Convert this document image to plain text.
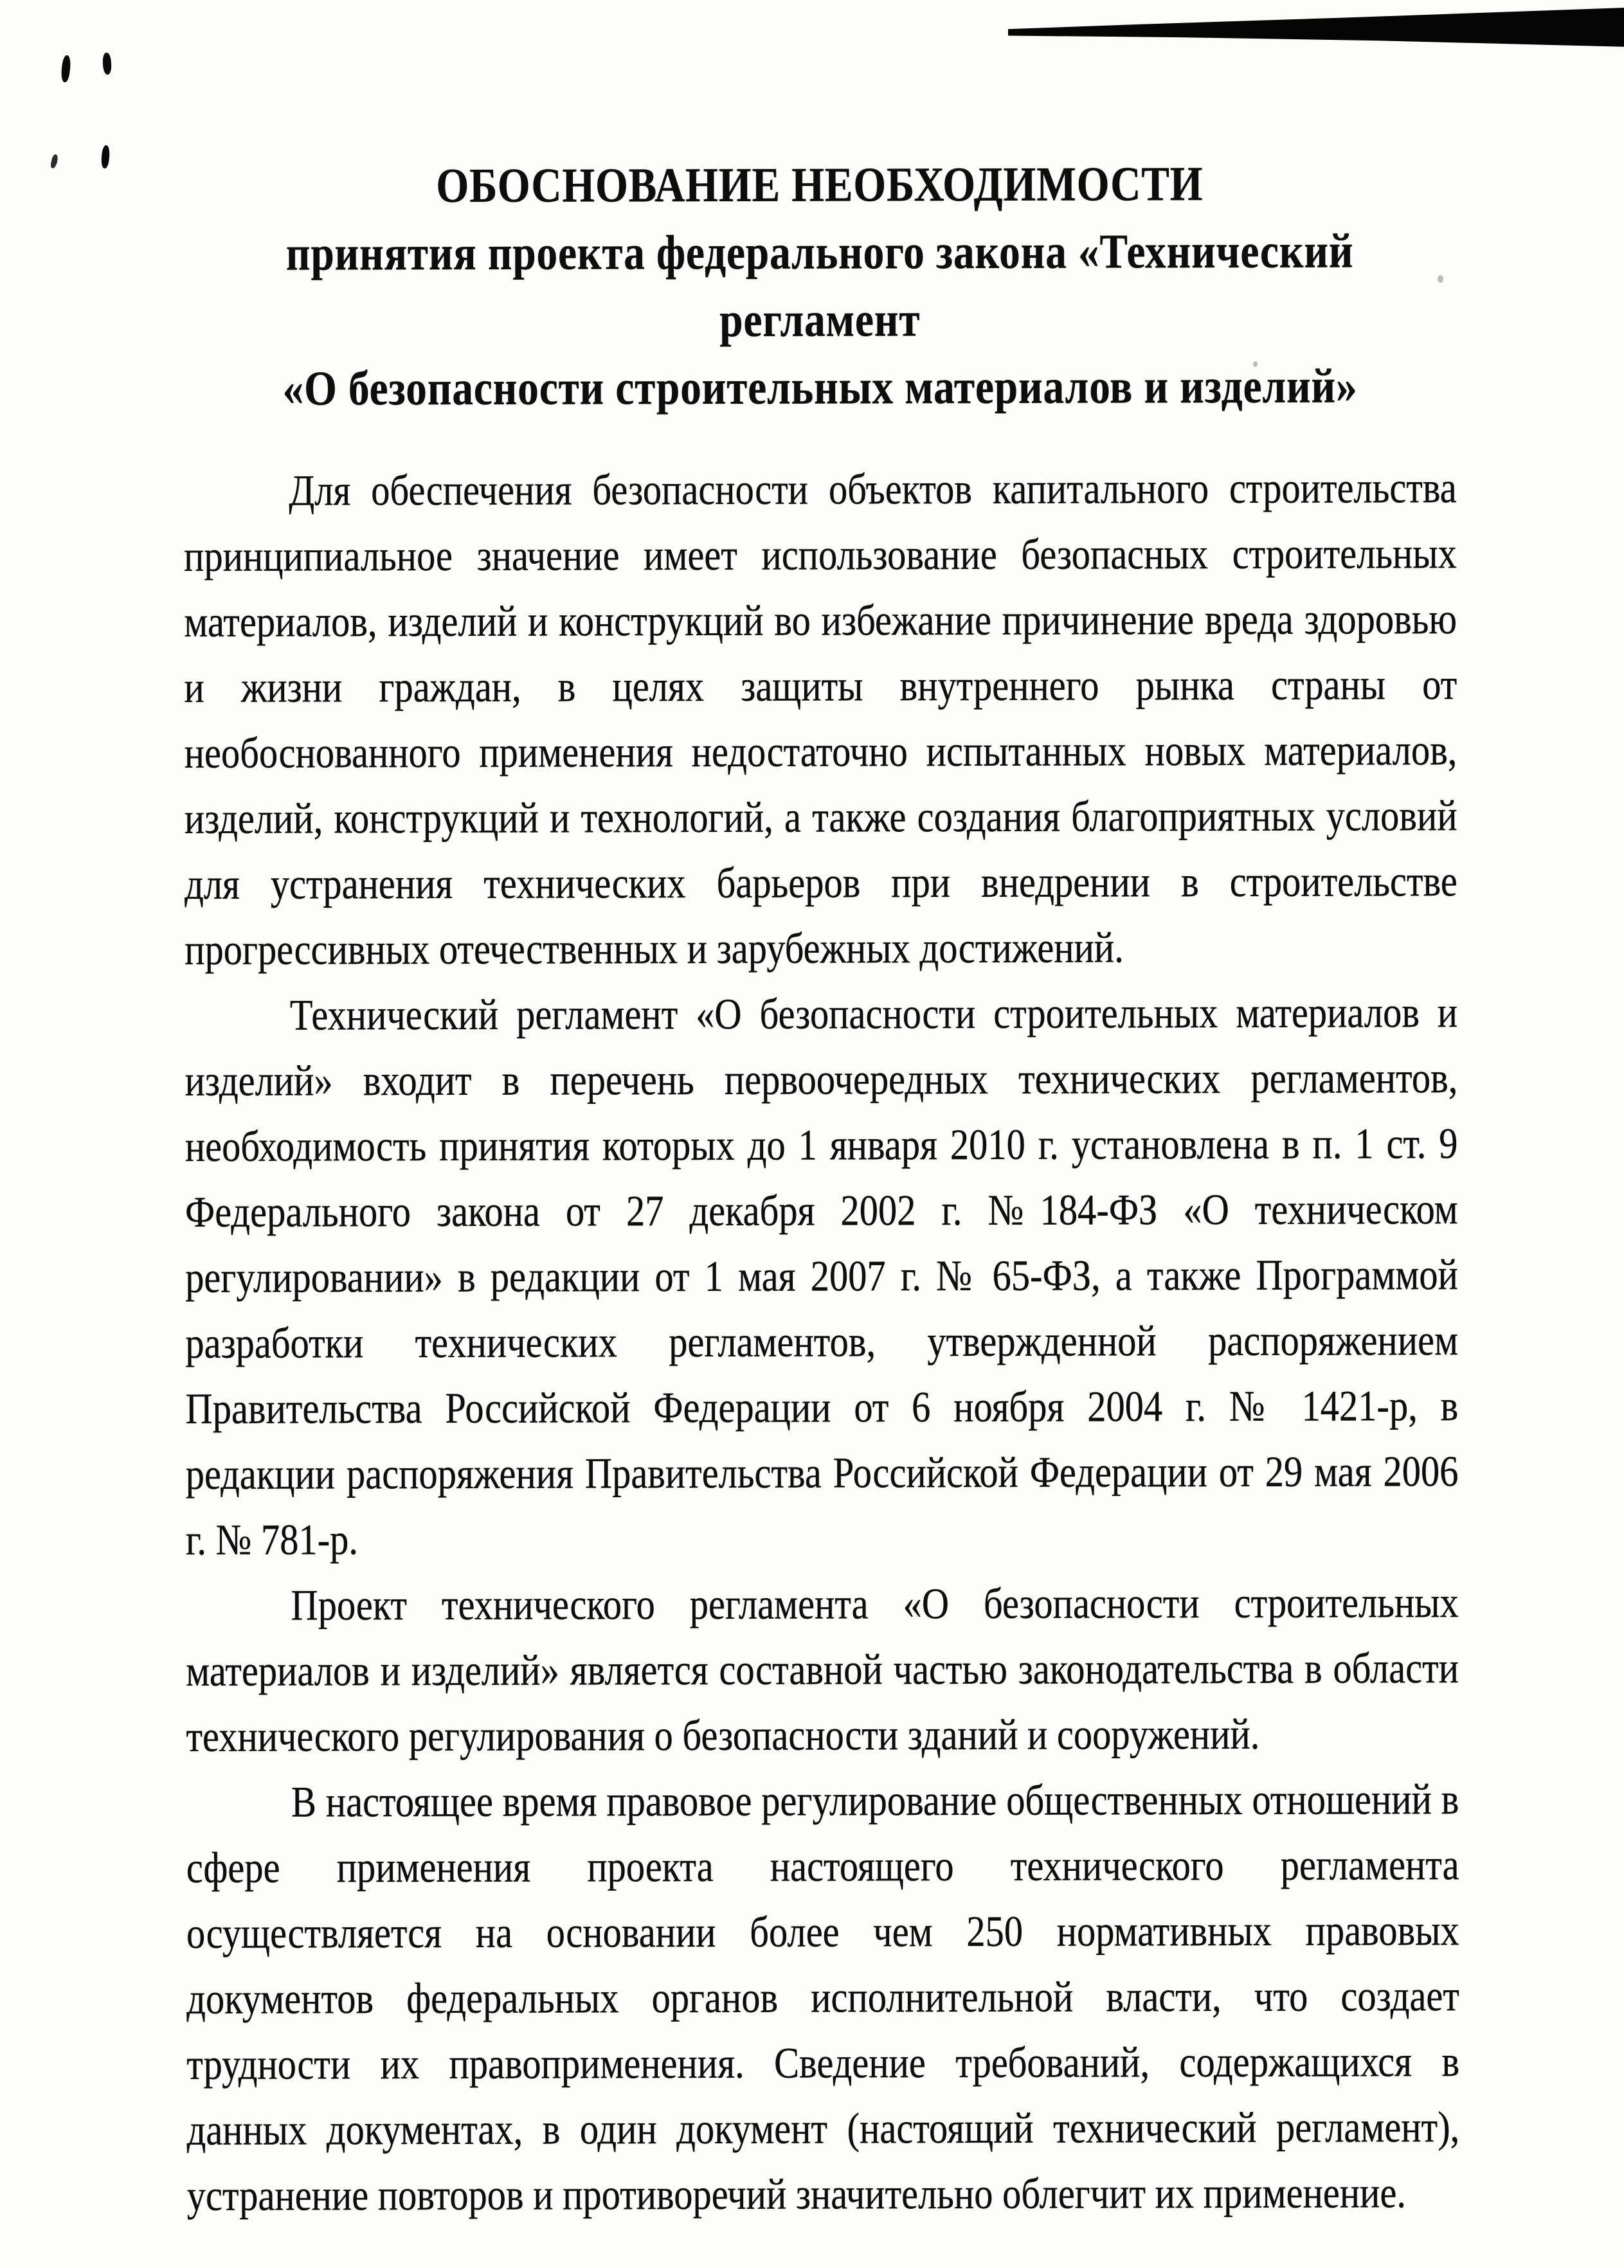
ОБОСНОВАНИЕ НЕОБХОДИМОСТИ
принятия проекта федерального закона «Технический регламент
«О безопасности строительных материалов и изделий»

Для обеспечения безопасности объектов капитального строительства принципиальное значение имеет использование безопасных строительных материалов, изделий и конструкций во избежание причинение вреда здоровью и жизни граждан, в целях защиты внутреннего рынка страны от необоснованного применения недостаточно испытанных новых материалов, изделий, конструкций и технологий, а также создания благоприятных условий для устранения технических барьеров при внедрении в строительстве прогрессивных отечественных и зарубежных достижений.

Технический регламент «О безопасности строительных материалов и изделий» входит в перечень первоочередных технических регламентов, необходимость принятия которых до 1 января 2010 г. установлена в п. 1 ст. 9 Федерального закона от 27 декабря 2002 г. №184-ФЗ «О техническом регулировании» в редакции от 1 мая 2007 г. № 65-ФЗ, а также Программой разработки технических регламентов, утвержденной распоряжением Правительства Российской Федерации от 6 ноября 2004 г. № 1421-р, в редакции распоряжения Правительства Российской Федерации от 29 мая 2006 г. № 781-р.

Проект технического регламента «О безопасности строительных материалов и изделий» является составной частью законодательства в области технического регулирования о безопасности зданий и сооружений.

В настоящее время правовое регулирование общественных отношений в сфере применения проекта настоящего технического регламента осуществляется на основании более чем 250 нормативных правовых документов федеральных органов исполнительной власти, что создает трудности их правоприменения. Сведение требований, содержащихся в данных документах, в один документ (настоящий технический регламент), устранение повторов и противоречий значительно облегчит их применение.
